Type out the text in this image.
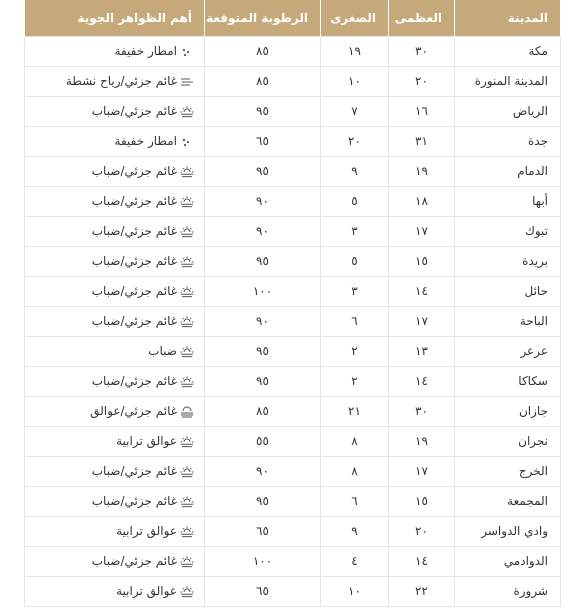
المدينة	العظمى	الصغرى	الرطوبة المتوقعة	أهم الظواهر الجوية
مكة	٣٠	١٩	٨٥	امطار خفيفة
المدينة المنورة	٢٠	١٠	٨٥	غائم جزئي/رياح نشطة
الرياض	١٦	٧	٩٥	غائم جزئي/ضباب
جدة	٣١	٢٠	٦٥	امطار خفيفة
الدمام	١٩	٩	٩٥	غائم جزئي/ضباب
أبها	١٨	٥	٩٠	غائم جزئي/ضباب
تبوك	١٧	٣	٩٠	غائم جزئي/ضباب
بريدة	١٥	٥	٩٥	غائم جزئي/ضباب
حائل	١٤	٣	١٠٠	غائم جزئي/ضباب
الباحة	١٧	٦	٩٠	غائم جزئي/ضباب
عرعر	١٣	٢	٩٥	ضباب
سكاكا	١٤	٢	٩٥	غائم جزئي/ضباب
جازان	٣٠	٢١	٨٥	غائم جزئي/عوالق
نجران	١٩	٨	٥٥	عوالق ترابية
الخرج	١٧	٨	٩٠	غائم جزئي/ضباب
المجمعة	١٥	٦	٩٥	غائم جزئي/ضباب
وادي الدواسر	٢٠	٩	٦٥	عوالق ترابية
الدوادمي	١٤	٤	١٠٠	غائم جزئي/ضباب
شرورة	٢٢	١٠	٦٥	عوالق ترابية
